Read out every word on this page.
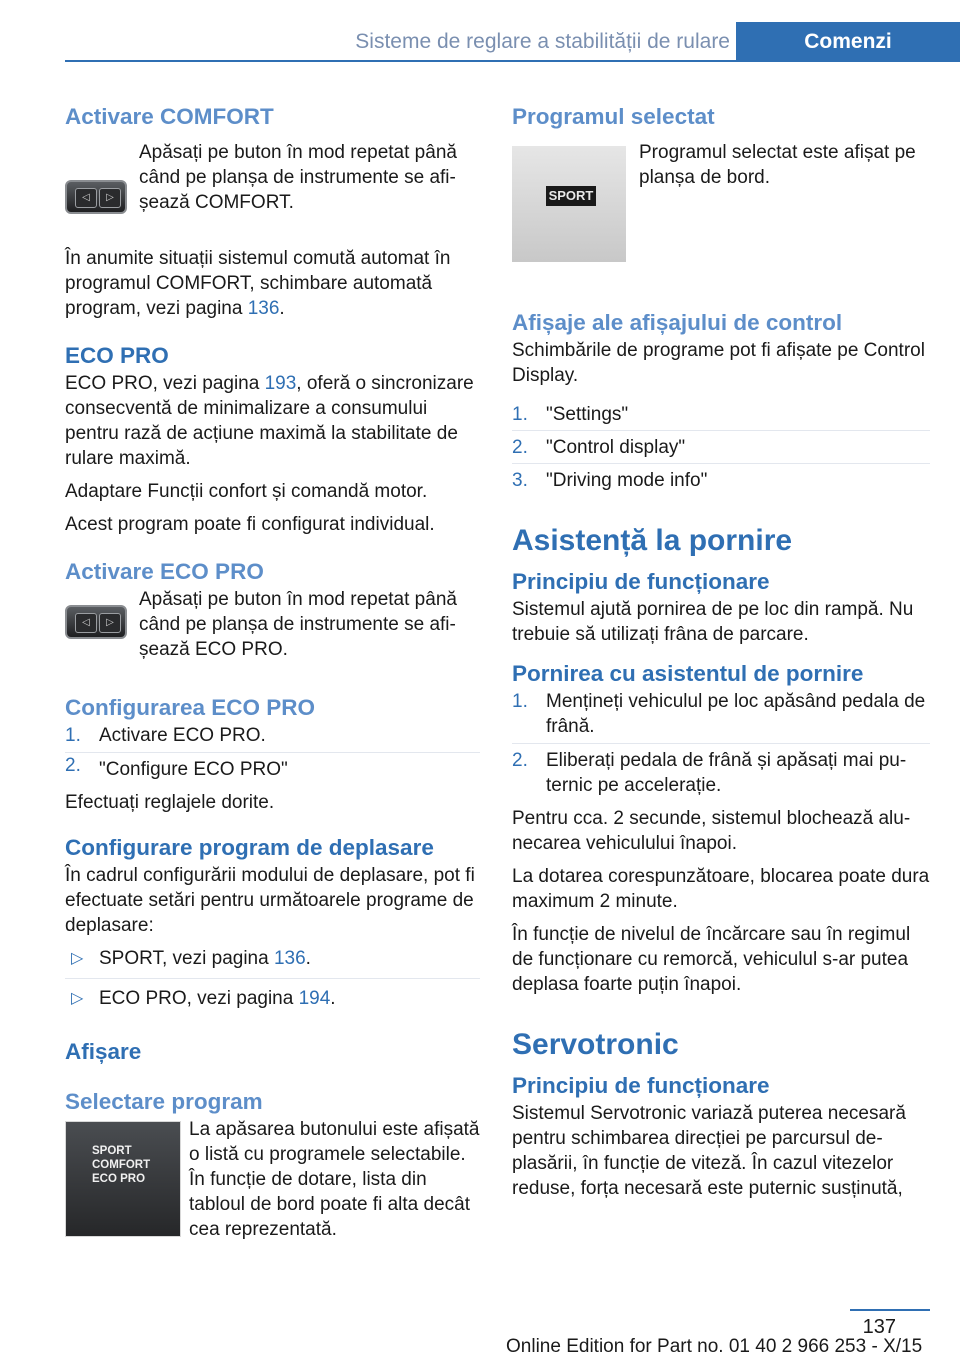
Sisteme de reglare a stabilității de rulare	Comenzi
Activare COMFORT
◁	▷
Apăsați pe buton în mod repetat până când pe planșa de instrumente se afișează COMFORT.
În anumite situații sistemul comută automat în programul COMFORT, schimbare automată program, vezi pagina 136.
ECO PRO
ECO PRO, vezi pagina 193, oferă o sincronizare consecventă de minimalizare a consumului pentru rază de acțiune maximă la stabilitate de rulare maximă.
Adaptare Funcții confort și comandă motor.
Acest program poate fi configurat individual.
Activare ECO PRO
◁	▷
Apăsați pe buton în mod repetat până când pe planșa de instrumente se afișează ECO PRO.
Configurarea ECO PRO
1. Activare ECO PRO.
2. "Configure ECO PRO"
Efectuați reglajele dorite.
Configurare program de deplasare
În cadrul configurării modului de deplasare, pot fi efectuate setări pentru următoarele programe de deplasare:
▷ SPORT, vezi pagina 136.
▷ ECO PRO, vezi pagina 194.
Afișare
Selectare program
SPORT
COMFORT
ECO PRO
La apăsarea butonului este afișată o listă cu programele selectabile. În funcție de dotare, lista din tabloul de bord poate fi alta decât cea reprezentată.
Programul selectat
SPORT
Programul selectat este afișat pe planșa de bord.
Afișaje ale afișajului de control
Schimbările de programe pot fi afișate pe Control Display.
1. "Settings"
2. "Control display"
3. "Driving mode info"
Asistență la pornire
Principiu de funcționare
Sistemul ajută pornirea de pe loc din rampă. Nu trebuie să utilizați frâna de parcare.
Pornirea cu asistentul de pornire
1. Mențineți vehiculul pe loc apăsând pedala de frână.
2. Eliberați pedala de frână și apăsați mai puternic pe accelerație.
Pentru cca. 2 secunde, sistemul blochează alunecarea vehiculului înapoi.
La dotarea corespunzătoare, blocarea poate dura maximum 2 minute.
În funcție de nivelul de încărcare sau în regimul de funcționare cu remorcă, vehiculul s-ar putea deplasa foarte puțin înapoi.
Servotronic
Principiu de funcționare
Sistemul Servotronic variază puterea necesară pentru schimbarea direcției pe parcursul deplasării, în funcție de viteză. În cazul vitezelor reduse, forța necesară este puternic susținută,
137
Online Edition for Part no. 01 40 2 966 253 - X/15
